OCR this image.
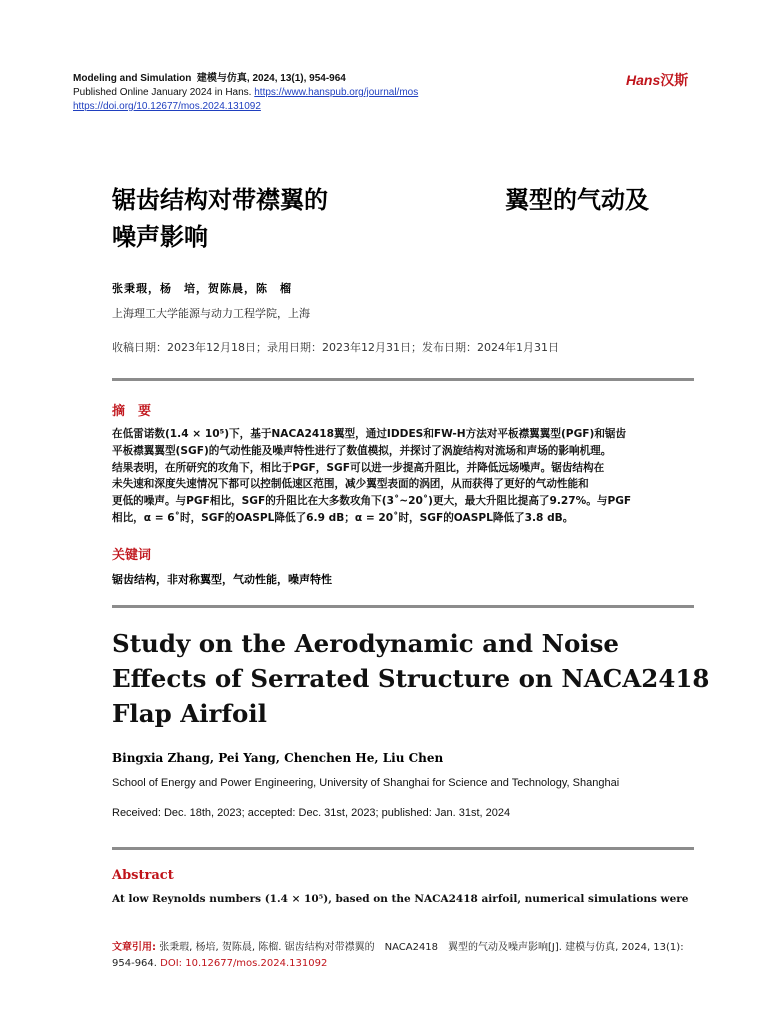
Modeling and Simulation 建模与仿真, 2024, 13(1), 954-964
Published Online January 2024 in Hans. https://www.hanspub.org/journal/mos
https://doi.org/10.12677/mos.2024.131092
Hans汉斯
锯齿结构对带襟翼的	翼型的气动及
噪声影响
张秉瑕，杨　培，贺陈晨，陈　榴
上海理工大学能源与动力工程学院，上海
收稿日期：2023年12月18日；录用日期：2023年12月31日；发布日期：2024年1月31日
摘　要
在低雷诺数(1.4 × 10⁵)下，基于NACA2418翼型，通过IDDES和FW-H方法对平板襟翼翼型(PGF)和锯齿
平板襟翼翼型(SGF)的气动性能及噪声特性进行了数值模拟，并探讨了涡旋结构对流场和声场的影响机理。
结果表明，在所研究的攻角下，相比于PGF，SGF可以进一步提高升阻比，并降低远场噪声。锯齿结构在
未失速和深度失速情况下都可以控制低速区范围，减少翼型表面的涡团，从而获得了更好的气动性能和
更低的噪声。与PGF相比，SGF的升阻比在大多数攻角下(3˚~20˚)更大，最大升阻比提高了9.27%。与PGF
相比，α = 6˚时，SGF的OASPL降低了6.9 dB；α = 20˚时，SGF的OASPL降低了3.8 dB。
关键词
锯齿结构，非对称翼型，气动性能，噪声特性
Study on the Aerodynamic and Noise Effects of Serrated Structure on NACA2418 Flap Airfoil
Bingxia Zhang, Pei Yang, Chenchen He, Liu Chen
School of Energy and Power Engineering, University of Shanghai for Science and Technology, Shanghai
Received: Dec. 18th, 2023; accepted: Dec. 31st, 2023; published: Jan. 31st, 2024
Abstract
At low Reynolds numbers (1.4 × 10⁵), based on the NACA2418 airfoil, numerical simulations were
文章引用: 张秉瑕, 杨培, 贺陈晨, 陈榴. 锯齿结构对带襟翼的　NACA2418　翼型的气动及噪声影响[J]. 建模与仿真, 2024, 13(1): 954-964. DOI: 10.12677/mos.2024.131092
